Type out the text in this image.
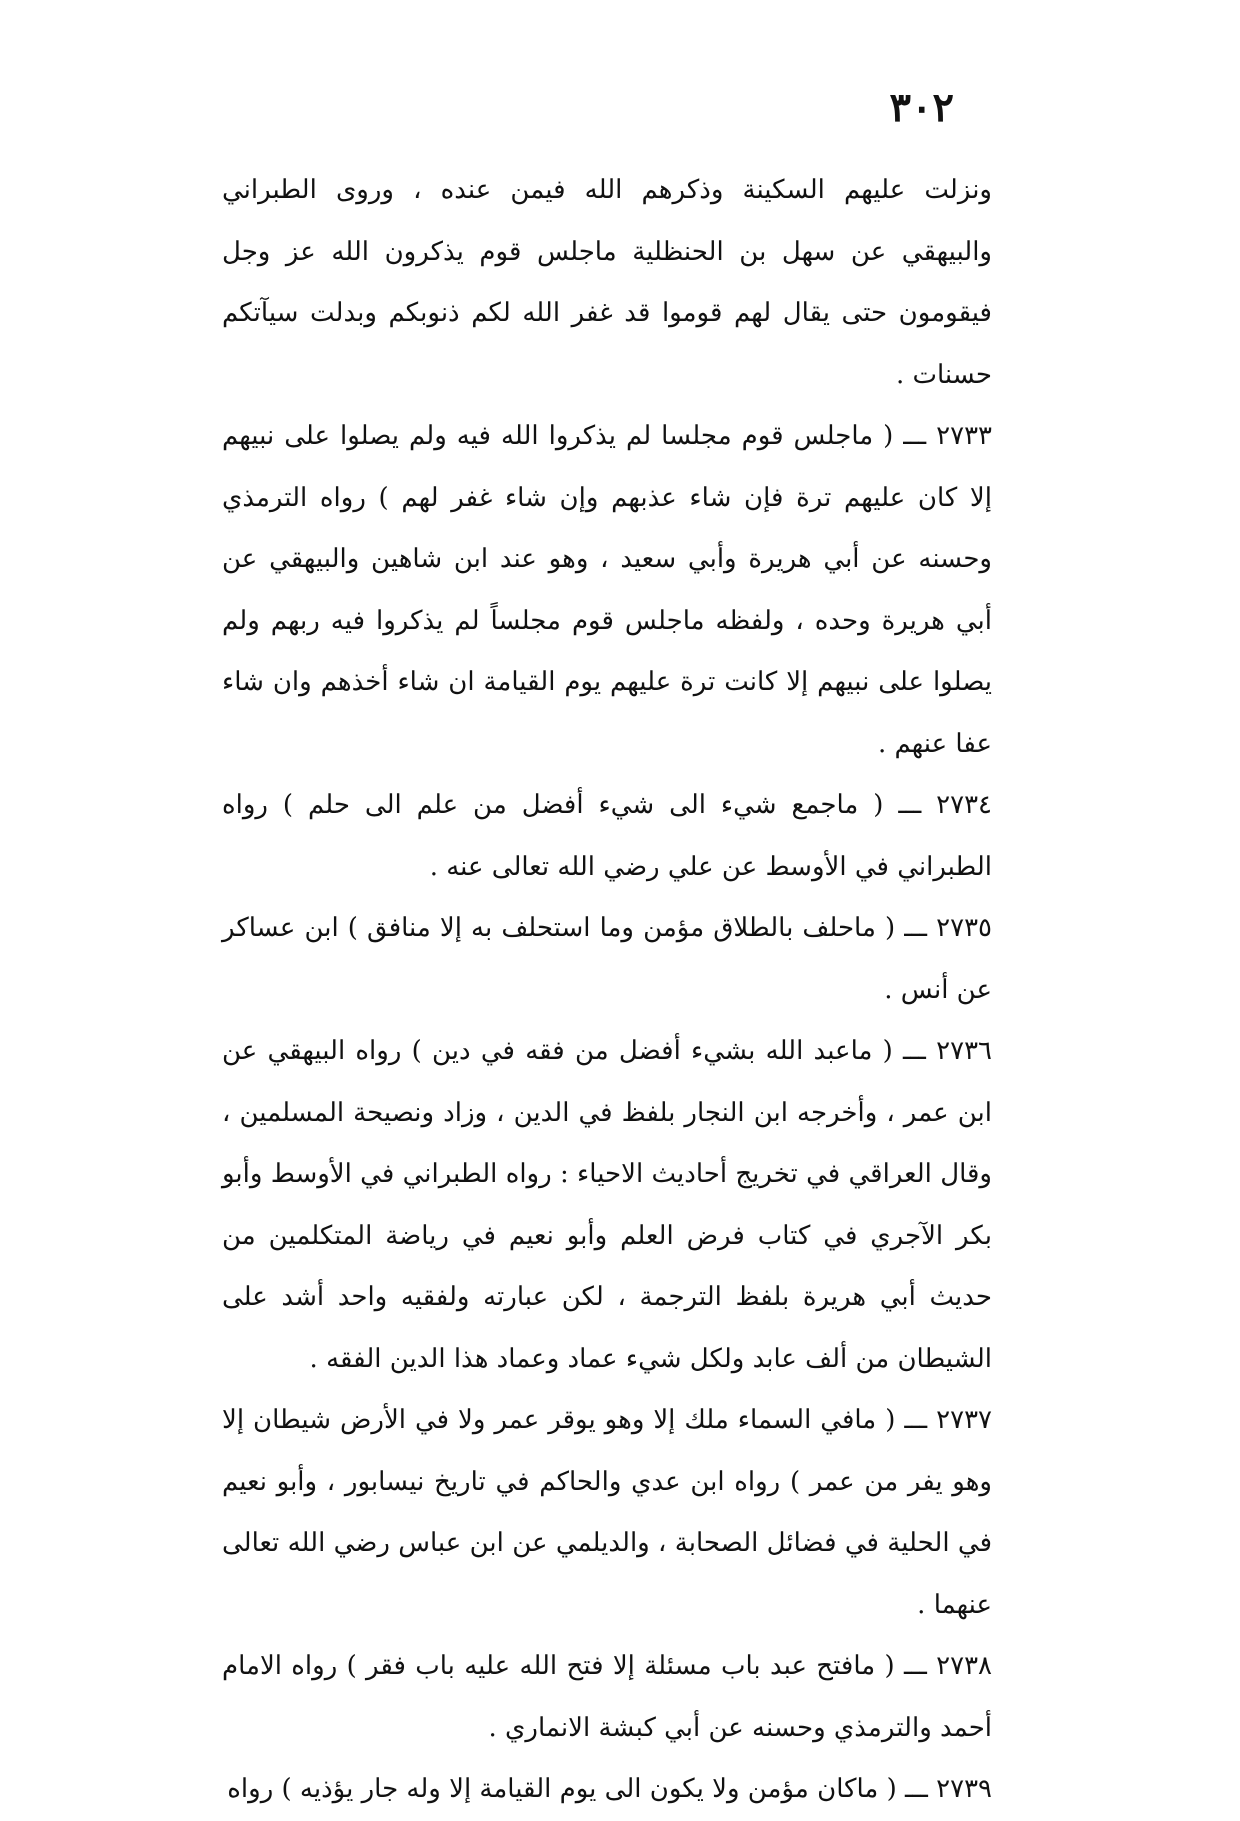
٣٠٢

ونزلت عليهم السكينة وذكرهم الله فيمن عنده ، وروى الطبراني والبيهقي عن سهل بن الحنظلية ماجلس قوم يذكرون الله عز وجل فيقومون حتى يقال لهم قوموا قد غفر الله لكم ذنوبكم وبدلت سيآتكم حسنات .

٢٧٣٣ ـــ ( ماجلس قوم مجلسا لم يذكروا الله فيه ولم يصلوا على نبيهم إلا كان عليهم ترة فإن شاء عذبهم وإن شاء غفر لهم ) رواه الترمذي وحسنه عن أبي هريرة وأبي سعيد ، وهو عند ابن شاهين والبيهقي عن أبي هريرة وحده ، ولفظه ماجلس قوم مجلساً لم يذكروا فيه ربهم ولم يصلوا على نبيهم إلا كانت ترة عليهم يوم القيامة ان شاء أخذهم وان شاء عفا عنهم .

٢٧٣٤ ـــ ( ماجمع شيء الى شيء أفضل من علم الى حلم ) رواه الطبراني في الأوسط عن علي رضي الله تعالى عنه .

٢٧٣٥ ـــ ( ماحلف بالطلاق مؤمن وما استحلف به إلا منافق ) ابن عساكر عن أنس .

٢٧٣٦ ـــ ( ماعبد الله بشيء أفضل من فقه في دين ) رواه البيهقي عن ابن عمر ، وأخرجه ابن النجار بلفظ في الدين ، وزاد ونصيحة المسلمين ، وقال العراقي في تخريج أحاديث الاحياء : رواه الطبراني في الأوسط وأبو بكر الآجري في كتاب فرض العلم وأبو نعيم في رياضة المتكلمين من حديث أبي هريرة بلفظ الترجمة ، لكن عبارته ولفقيه واحد أشد على الشيطان من ألف عابد ولكل شيء عماد وعماد هذا الدين الفقه .

٢٧٣٧ ـــ ( مافي السماء ملك إلا وهو يوقر عمر ولا في الأرض شيطان إلا وهو يفر من عمر ) رواه ابن عدي والحاكم في تاريخ نيسابور ، وأبو نعيم في الحلية في فضائل الصحابة ، والديلمي عن ابن عباس رضي الله تعالى عنهما .

٢٧٣٨ ـــ ( مافتح عبد باب مسئلة إلا فتح الله عليه باب فقر ) رواه الامام أحمد والترمذي وحسنه عن أبي كبشة الانماري .

٢٧٣٩ ـــ ( ماكان مؤمن ولا يكون الى يوم القيامة إلا وله جار يؤذيه ) رواه
